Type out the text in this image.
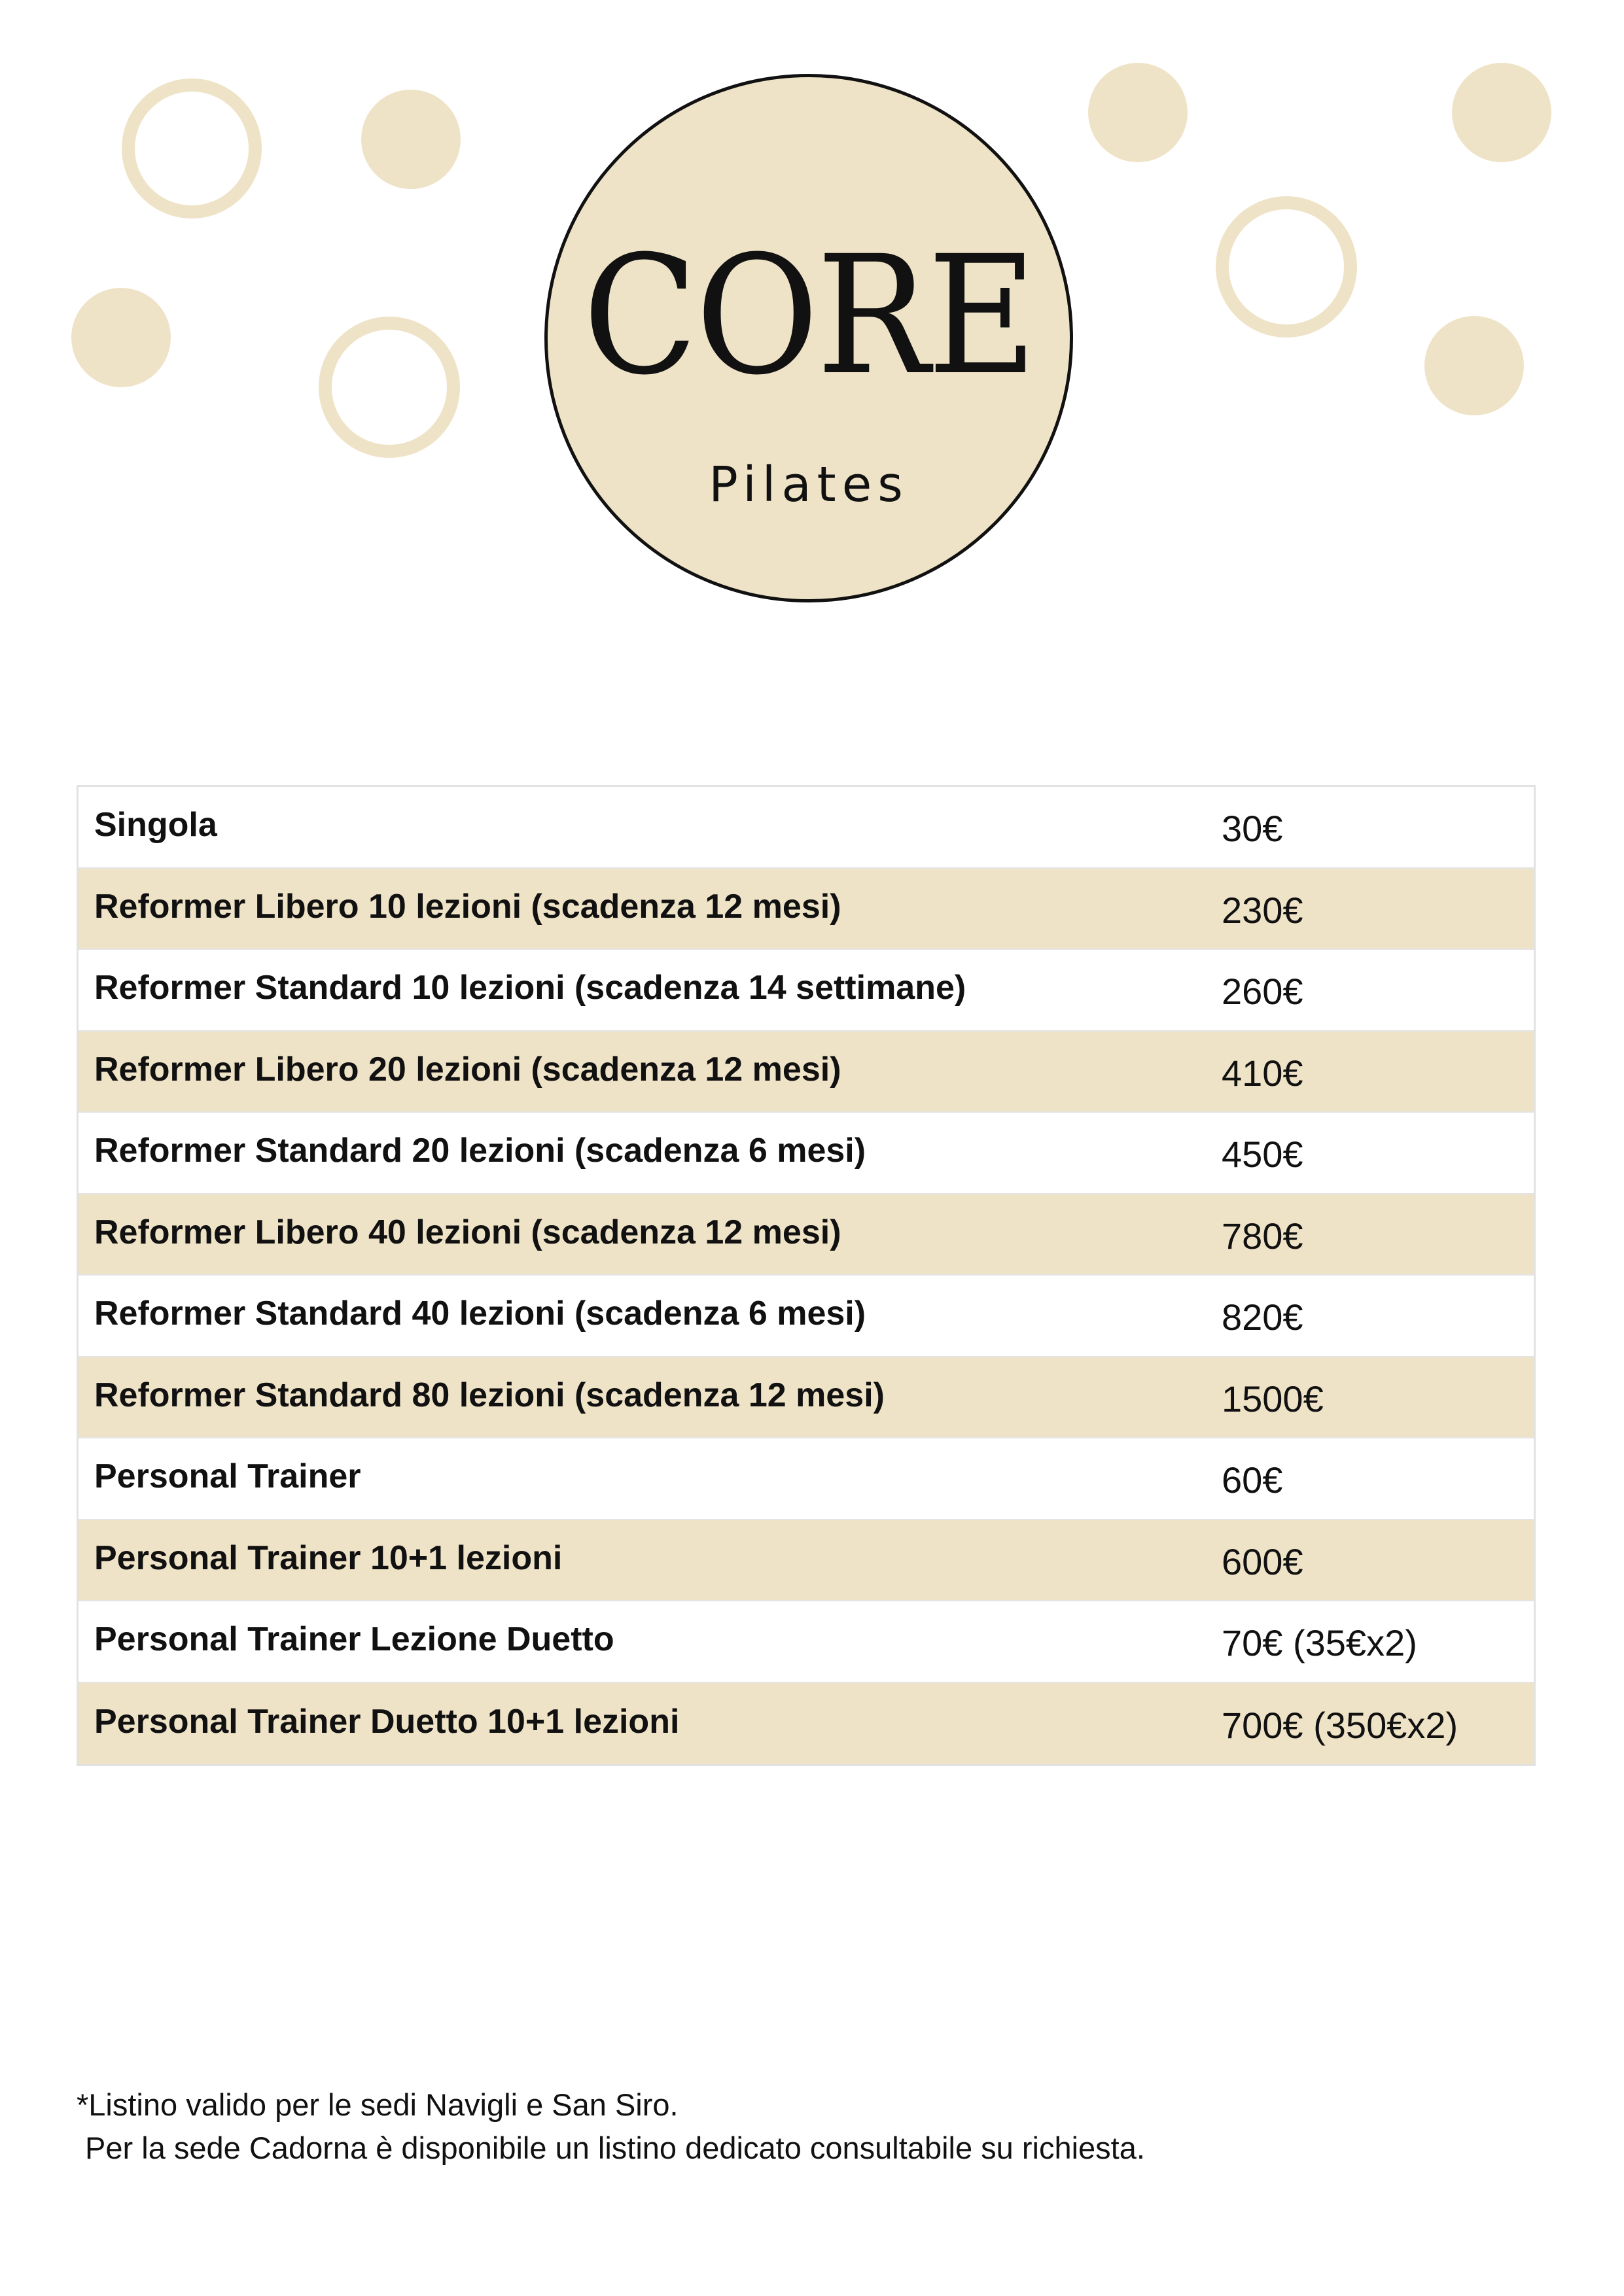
CORE
Pilates
Singola	30€
Reformer Libero 10 lezioni (scadenza 12 mesi)	230€
Reformer Standard 10 lezioni (scadenza 14 settimane)	260€
Reformer Libero 20 lezioni (scadenza 12 mesi)	410€
Reformer Standard 20 lezioni (scadenza 6 mesi)	450€
Reformer Libero 40 lezioni (scadenza 12 mesi)	780€
Reformer Standard 40 lezioni (scadenza 6 mesi)	820€
Reformer Standard 80 lezioni (scadenza 12 mesi)	1500€
Personal Trainer	60€
Personal Trainer 10+1 lezioni	600€
Personal Trainer Lezione Duetto	70€ (35€x2)
Personal Trainer Duetto 10+1 lezioni	700€ (350€x2)
*Listino valido per le sedi Navigli e San Siro.
Per la sede Cadorna è disponibile un listino dedicato consultabile su richiesta.
